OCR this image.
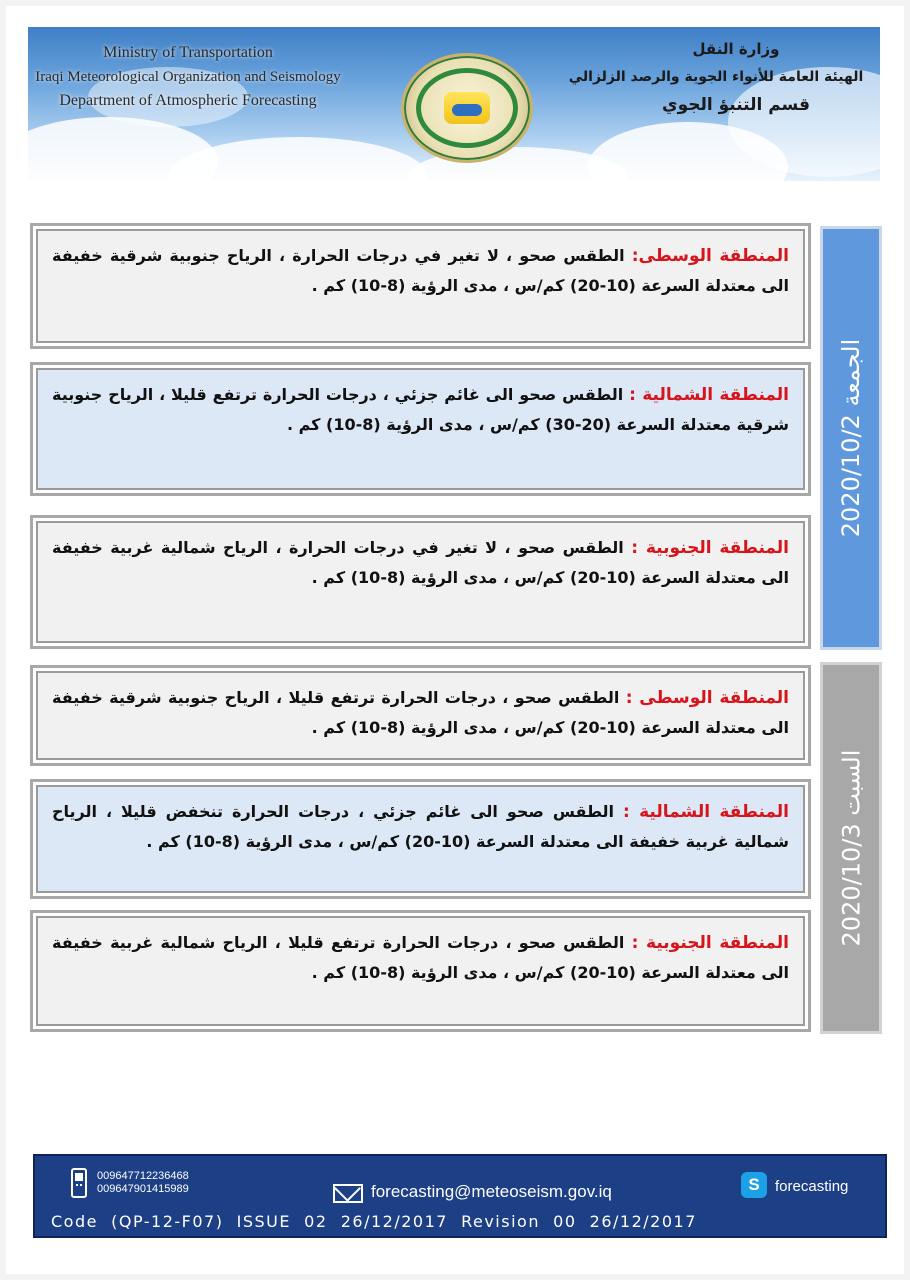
Ministry of Transportation
Iraqi Meteorological Organization and Seismology
Department of Atmospheric Forecasting
وزارة النقل
الهيئة العامة للأنواء الجوية والرصد الزلزالي
قسم التنبؤ الجوي
المنطقة الوسطى: الطقس صحو ، لا تغير في درجات الحرارة ، الرياح جنوبية شرقية خفيفة الى معتدلة السرعة (10-20) كم/س ، مدى الرؤية (8-10) كم .
المنطقة الشمالية : الطقس صحو الى غائم جزئي ، درجات الحرارة ترتفع قليلا ، الرياح جنوبية شرقية معتدلة السرعة (20-30) كم/س ، مدى الرؤية (8-10) كم .
المنطقة الجنوبية : الطقس صحو ، لا تغير في درجات الحرارة ، الرياح شمالية غربية خفيفة الى معتدلة السرعة (10-20) كم/س ، مدى الرؤية (8-10) كم .
الجمعة 2020/10/2
المنطقة الوسطى : الطقس صحو ، درجات الحرارة ترتفع قليلا ، الرياح جنوبية شرقية خفيفة الى معتدلة السرعة (10-20) كم/س ، مدى الرؤية (8-10) كم .
المنطقة الشمالية : الطقس صحو الى غائم جزئي ، درجات الحرارة تنخفض قليلا ، الرياح شمالية غربية خفيفة الى معتدلة السرعة (10-20) كم/س ، مدى الرؤية (8-10) كم .
المنطقة الجنوبية : الطقس صحو ، درجات الحرارة ترتفع قليلا ، الرياح شمالية غربية خفيفة الى معتدلة السرعة (10-20) كم/س ، مدى الرؤية (8-10) كم .
السبت 2020/10/3
009647712236468
009647901415989	forecasting@meteoseism.gov.iq	S	forecasting
Code  (QP-12-F07)  ISSUE  02  26/12/2017  Revision  00  26/12/2017
